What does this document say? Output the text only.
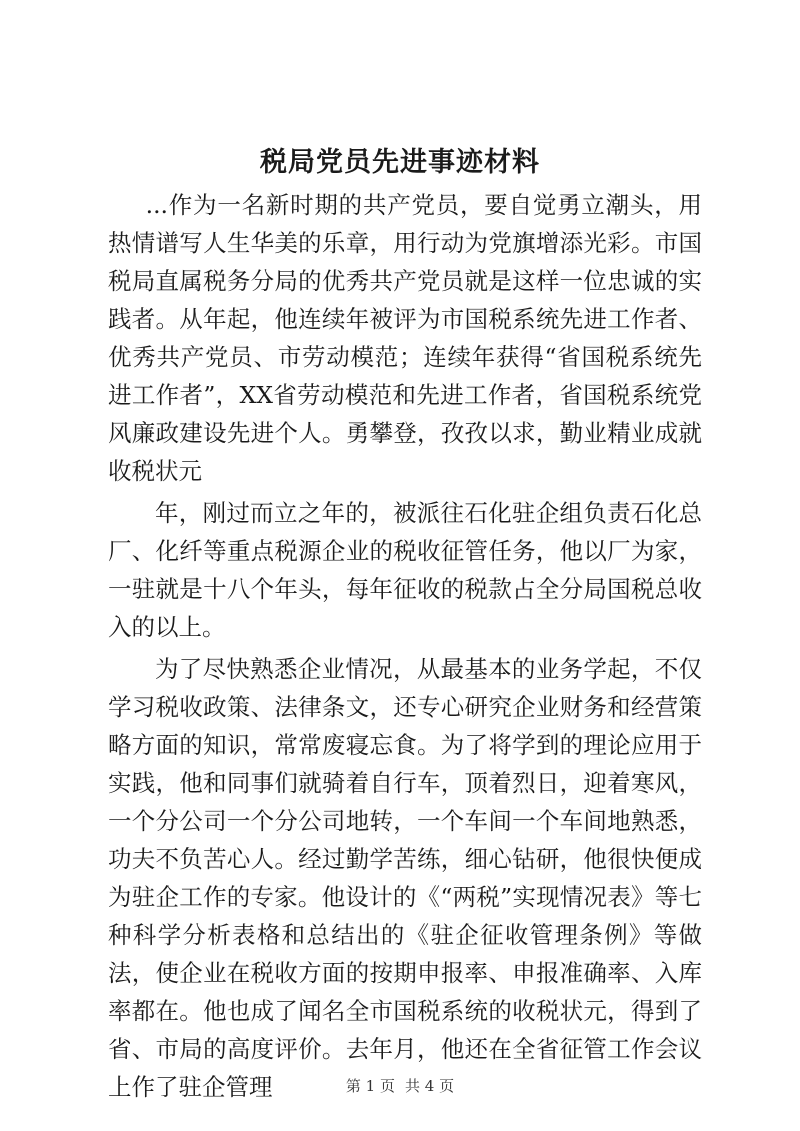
税局党员先进事迹材料

...作为一名新时期的共产党员，要自觉勇立潮头，用热情谱写人生华美的乐章，用行动为党旗增添光彩。市国税局直属税务分局的优秀共产党员就是这样一位忠诚的实践者。从年起，他连续年被评为市国税系统先进工作者、优秀共产党员、市劳动模范；连续年获得“省国税系统先进工作者”，XX省劳动模范和先进工作者，省国税系统党风廉政建设先进个人。勇攀登，孜孜以求，勤业精业成就收税状元

年，刚过而立之年的，被派往石化驻企组负责石化总厂、化纤等重点税源企业的税收征管任务，他以厂为家，一驻就是十八个年头，每年征收的税款占全分局国税总收入的以上。

为了尽快熟悉企业情况，从最基本的业务学起，不仅学习税收政策、法律条文，还专心研究企业财务和经营策略方面的知识，常常废寝忘食。为了将学到的理论应用于实践，他和同事们就骑着自行车，顶着烈日，迎着寒风，一个分公司一个分公司地转，一个车间一个车间地熟悉，功夫不负苦心人。经过勤学苦练，细心钻研，他很快便成为驻企工作的专家。他设计的《“两税”实现情况表》等七种科学分析表格和总结出的《驻企征收管理条例》等做法，使企业在税收方面的按期申报率、申报准确率、入库率都在。他也成了闻名全市国税系统的收税状元，得到了省、市局的高度评价。去年月，他还在全省征管工作会议上作了驻企管理	第 1 页 共 4 页
